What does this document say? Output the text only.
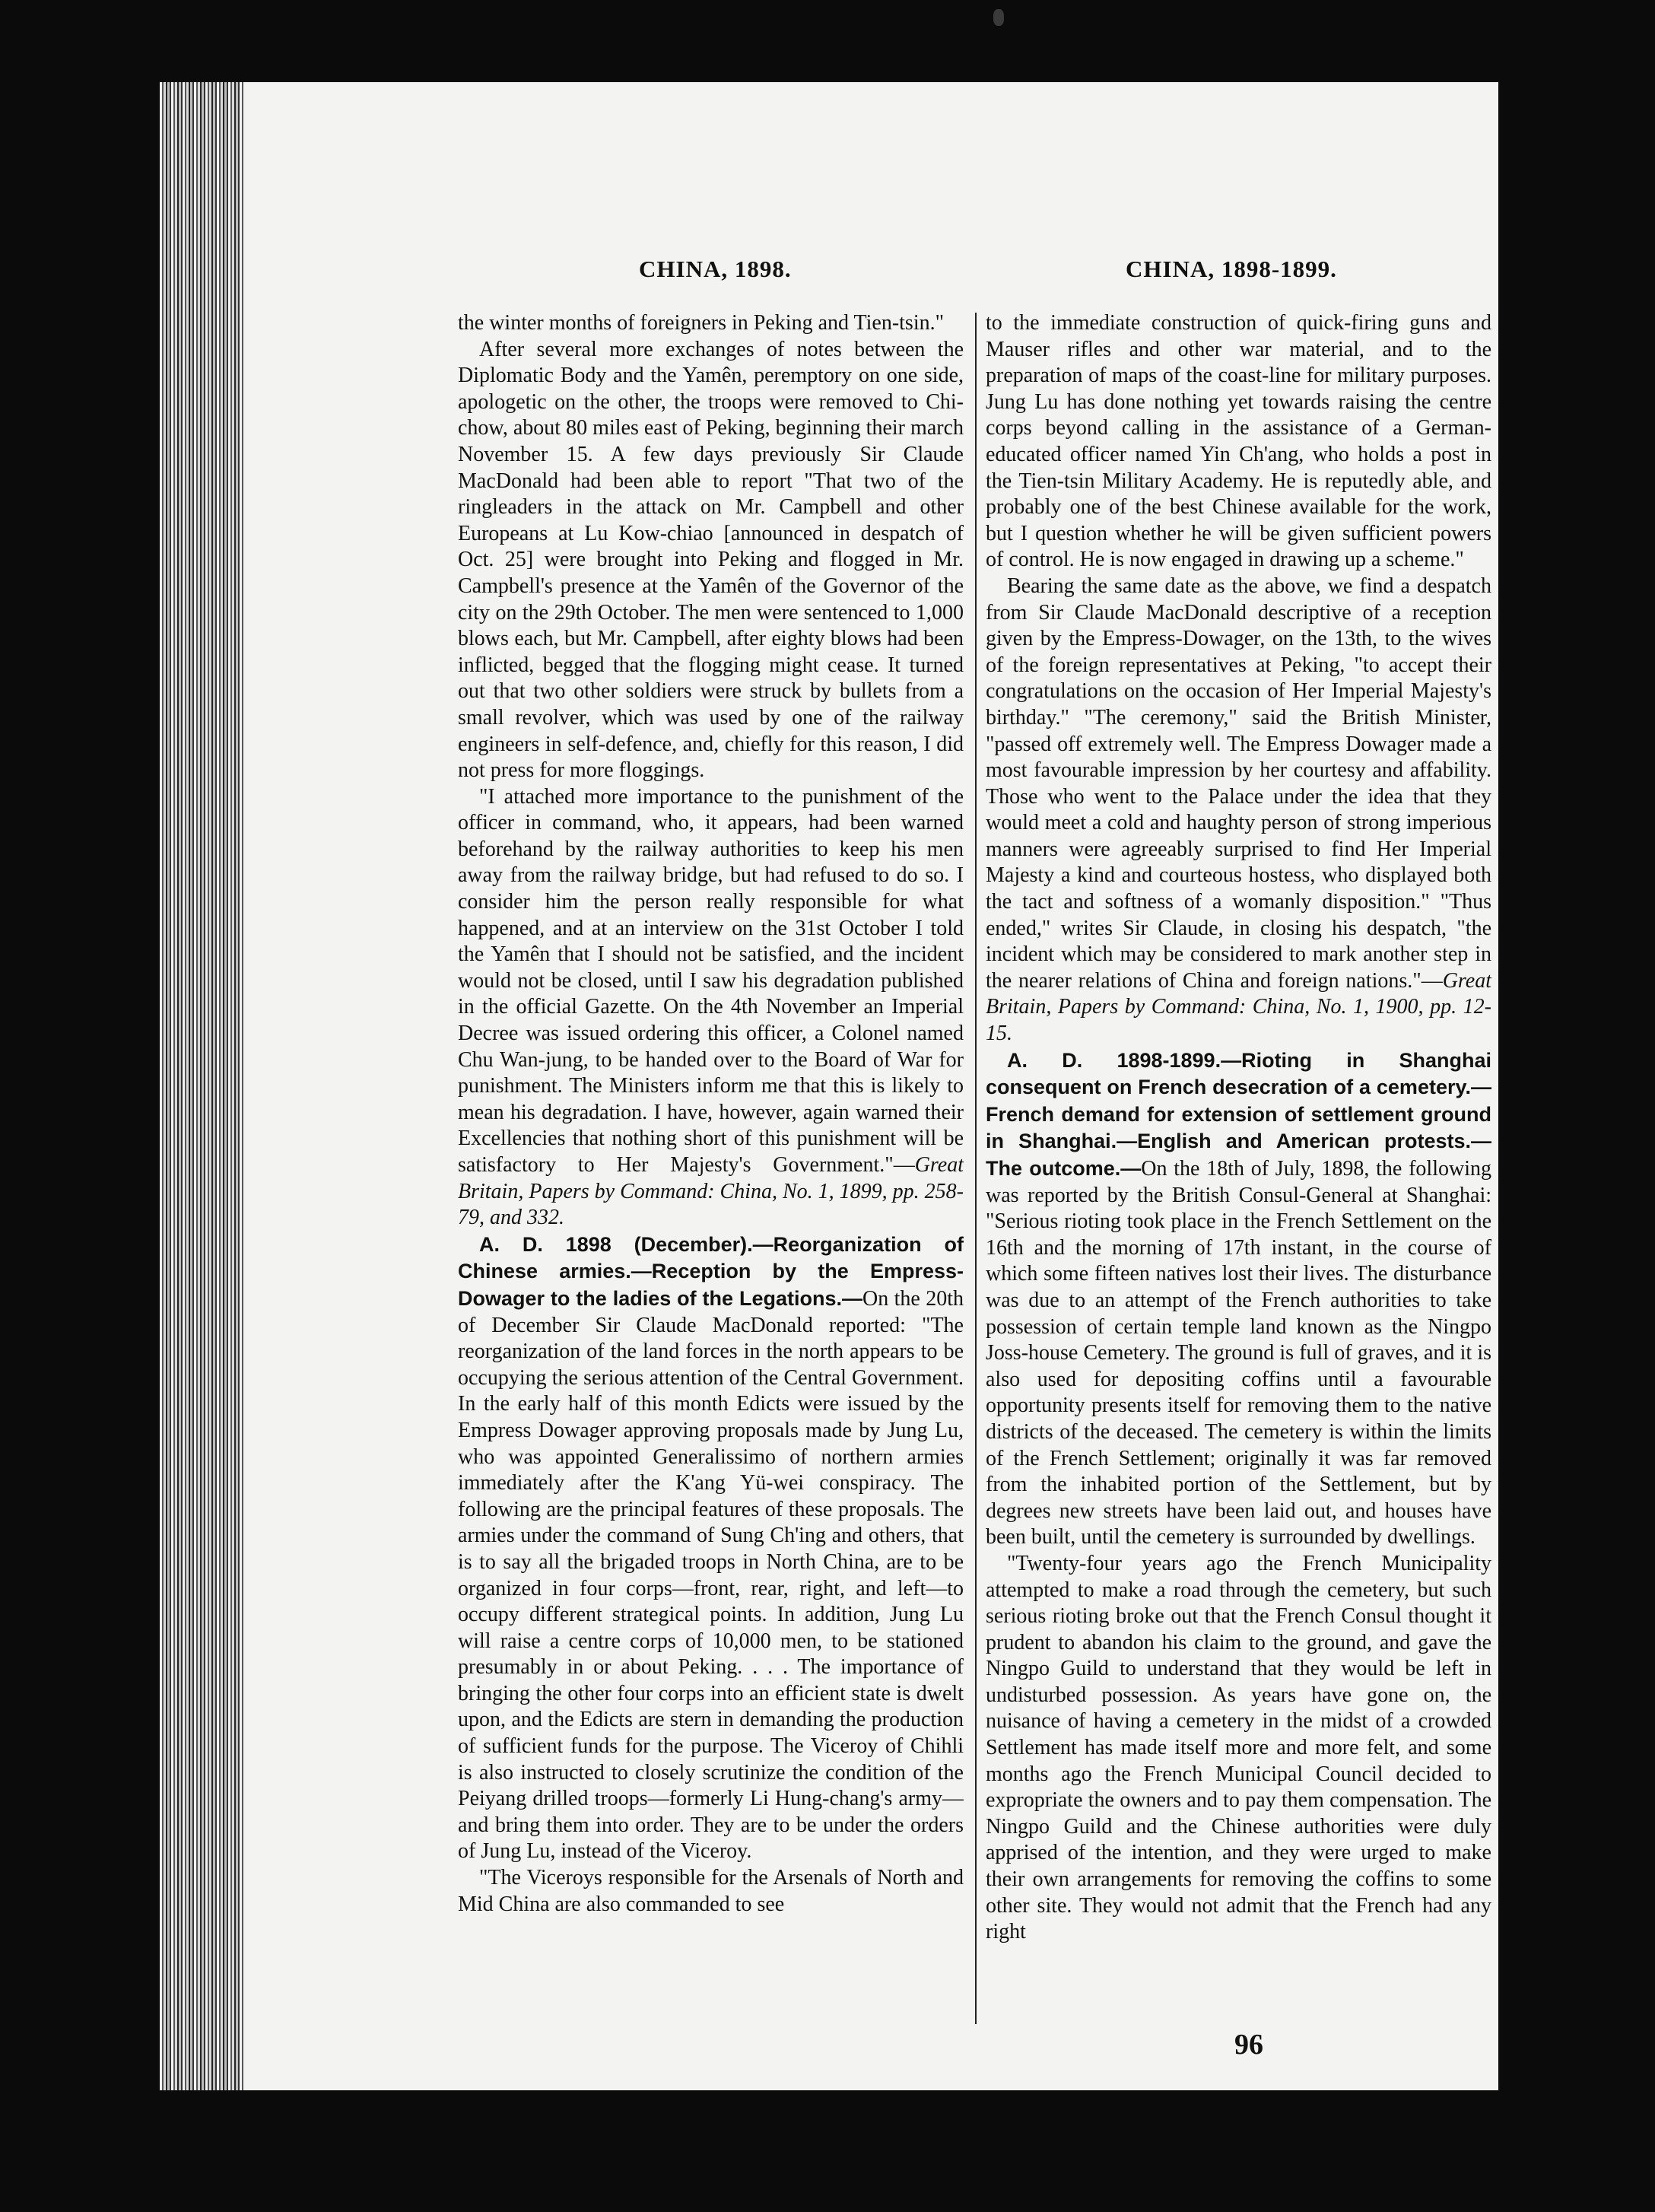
CHINA, 1898.	CHINA, 1898-1899.

the winter months of foreigners in Peking and Tien-tsin."

After several more exchanges of notes between the Diplomatic Body and the Yamên, peremptory on one side, apologetic on the other, the troops were removed to Chi-chow, about 80 miles east of Peking, beginning their march November 15. A few days previously Sir Claude MacDonald had been able to report "That two of the ringleaders in the attack on Mr. Campbell and other Europeans at Lu Kow-chiao [announced in despatch of Oct. 25] were brought into Peking and flogged in Mr. Campbell's presence at the Yamên of the Governor of the city on the 29th October. The men were sentenced to 1,000 blows each, but Mr. Campbell, after eighty blows had been inflicted, begged that the flogging might cease. It turned out that two other soldiers were struck by bullets from a small revolver, which was used by one of the railway engineers in self-defence, and, chiefly for this reason, I did not press for more floggings.

"I attached more importance to the punishment of the officer in command, who, it appears, had been warned beforehand by the railway authorities to keep his men away from the railway bridge, but had refused to do so. I consider him the person really responsible for what happened, and at an interview on the 31st October I told the Yamên that I should not be satisfied, and the incident would not be closed, until I saw his degradation published in the official Gazette. On the 4th November an Imperial Decree was issued ordering this officer, a Colonel named Chu Wan-jung, to be handed over to the Board of War for punishment. The Ministers inform me that this is likely to mean his degradation. I have, however, again warned their Excellencies that nothing short of this punishment will be satisfactory to Her Majesty's Government."—Great Britain, Papers by Command: China, No. 1, 1899, pp. 258-79, and 332.

A. D. 1898 (December).—Reorganization of Chinese armies.—Reception by the Empress-Dowager to the ladies of the Legations.—On the 20th of December Sir Claude MacDonald reported: "The reorganization of the land forces in the north appears to be occupying the serious attention of the Central Government. In the early half of this month Edicts were issued by the Empress Dowager approving proposals made by Jung Lu, who was appointed Generalissimo of northern armies immediately after the K'ang Yü-wei conspiracy. The following are the principal features of these proposals. The armies under the command of Sung Ch'ing and others, that is to say all the brigaded troops in North China, are to be organized in four corps—front, rear, right, and left—to occupy different strategical points. In addition, Jung Lu will raise a centre corps of 10,000 men, to be stationed presumably in or about Peking. . . . The importance of bringing the other four corps into an efficient state is dwelt upon, and the Edicts are stern in demanding the production of sufficient funds for the purpose. The Viceroy of Chihli is also instructed to closely scrutinize the condition of the Peiyang drilled troops—formerly Li Hung-chang's army—and bring them into order. They are to be under the orders of Jung Lu, instead of the Viceroy.

"The Viceroys responsible for the Arsenals of North and Mid China are also commanded to see

to the immediate construction of quick-firing guns and Mauser rifles and other war material, and to the preparation of maps of the coast-line for military purposes. Jung Lu has done nothing yet towards raising the centre corps beyond calling in the assistance of a German-educated officer named Yin Ch'ang, who holds a post in the Tien-tsin Military Academy. He is reputedly able, and probably one of the best Chinese available for the work, but I question whether he will be given sufficient powers of control. He is now engaged in drawing up a scheme."

Bearing the same date as the above, we find a despatch from Sir Claude MacDonald descriptive of a reception given by the Empress-Dowager, on the 13th, to the wives of the foreign representatives at Peking, "to accept their congratulations on the occasion of Her Imperial Majesty's birthday." "The ceremony," said the British Minister, "passed off extremely well. The Empress Dowager made a most favourable impression by her courtesy and affability. Those who went to the Palace under the idea that they would meet a cold and haughty person of strong imperious manners were agreeably surprised to find Her Imperial Majesty a kind and courteous hostess, who displayed both the tact and softness of a womanly disposition." "Thus ended," writes Sir Claude, in closing his despatch, "the incident which may be considered to mark another step in the nearer relations of China and foreign nations."—Great Britain, Papers by Command: China, No. 1, 1900, pp. 12-15.

A. D. 1898-1899.—Rioting in Shanghai consequent on French desecration of a cemetery.—French demand for extension of settlement ground in Shanghai.—English and American protests.—The outcome.—On the 18th of July, 1898, the following was reported by the British Consul-General at Shanghai: "Serious rioting took place in the French Settlement on the 16th and the morning of 17th instant, in the course of which some fifteen natives lost their lives. The disturbance was due to an attempt of the French authorities to take possession of certain temple land known as the Ningpo Joss-house Cemetery. The ground is full of graves, and it is also used for depositing coffins until a favourable opportunity presents itself for removing them to the native districts of the deceased. The cemetery is within the limits of the French Settlement; originally it was far removed from the inhabited portion of the Settlement, but by degrees new streets have been laid out, and houses have been built, until the cemetery is surrounded by dwellings.

"Twenty-four years ago the French Municipality attempted to make a road through the cemetery, but such serious rioting broke out that the French Consul thought it prudent to abandon his claim to the ground, and gave the Ningpo Guild to understand that they would be left in undisturbed possession. As years have gone on, the nuisance of having a cemetery in the midst of a crowded Settlement has made itself more and more felt, and some months ago the French Municipal Council decided to expropriate the owners and to pay them compensation. The Ningpo Guild and the Chinese authorities were duly apprised of the intention, and they were urged to make their own arrangements for removing the coffins to some other site. They would not admit that the French had any right

96
